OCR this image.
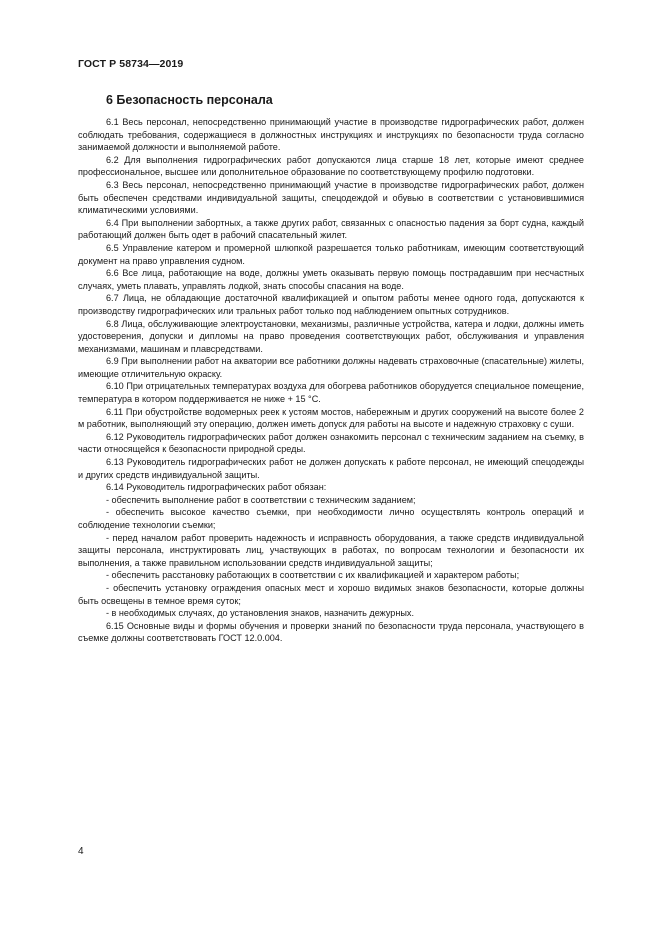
ГОСТ Р 58734—2019
6 Безопасность персонала

6.1 Весь персонал, непосредственно принимающий участие в производстве гидрографических работ, должен соблюдать требования, содержащиеся в должностных инструкциях и инструкциях по безопасности труда согласно занимаемой должности и выполняемой работе.

6.2 Для выполнения гидрографических работ допускаются лица старше 18 лет, которые имеют среднее профессиональное, высшее или дополнительное образование по соответствующему профилю подготовки.

6.3 Весь персонал, непосредственно принимающий участие в производстве гидрографических работ, должен быть обеспечен средствами индивидуальной защиты, спецодеждой и обувью в соответствии с установившимися климатическими условиями.

6.4 При выполнении забортных, а также других работ, связанных с опасностью падения за борт судна, каждый работающий должен быть одет в рабочий спасательный жилет.

6.5 Управление катером и промерной шлюпкой разрешается только работникам, имеющим соответствующий документ на право управления судном.

6.6 Все лица, работающие на воде, должны уметь оказывать первую помощь пострадавшим при несчастных случаях, уметь плавать, управлять лодкой, знать способы спасания на воде.

6.7 Лица, не обладающие достаточной квалификацией и опытом работы менее одного года, допускаются к производству гидрографических или тральных работ только под наблюдением опытных сотрудников.

6.8 Лица, обслуживающие электроустановки, механизмы, различные устройства, катера и лодки, должны иметь удостоверения, допуски и дипломы на право проведения соответствующих работ, обслуживания и управления механизмами, машинам и плавсредствами.

6.9 При выполнении работ на акватории все работники должны надевать страховочные (спасательные) жилеты, имеющие отличительную окраску.

6.10 При отрицательных температурах воздуха для обогрева работников оборудуется специальное помещение, температура в котором поддерживается не ниже + 15 °С.

6.11 При обустройстве водомерных реек к устоям мостов, набережным и других сооружений на высоте более 2 м работник, выполняющий эту операцию, должен иметь допуск для работы на высоте и надежную страховку с суши.

6.12 Руководитель гидрографических работ должен ознакомить персонал с техническим заданием на съемку, в части относящейся к безопасности природной среды.

6.13 Руководитель гидрографических работ не должен допускать к работе персонал, не имеющий спецодежды и других средств индивидуальной защиты.

6.14 Руководитель гидрографических работ обязан:

- обеспечить выполнение работ в соответствии с техническим заданием;

- обеспечить высокое качество съемки, при необходимости лично осуществлять контроль операций и соблюдение технологии съемки;

- перед началом работ проверить надежность и исправность оборудования, а также средств индивидуальной защиты персонала, инструктировать лиц, участвующих в работах, по вопросам технологии и безопасности их выполнения, а также правильном использовании средств индивидуальной защиты;

- обеспечить расстановку работающих в соответствии с их квалификацией и характером работы;

- обеспечить установку ограждения опасных мест и хорошо видимых знаков безопасности, которые должны быть освещены в темное время суток;

- в необходимых случаях, до установления знаков, назначить дежурных.

6.15 Основные виды и формы обучения и проверки знаний по безопасности труда персонала, участвующего в съемке должны соответствовать ГОСТ 12.0.004.

4
